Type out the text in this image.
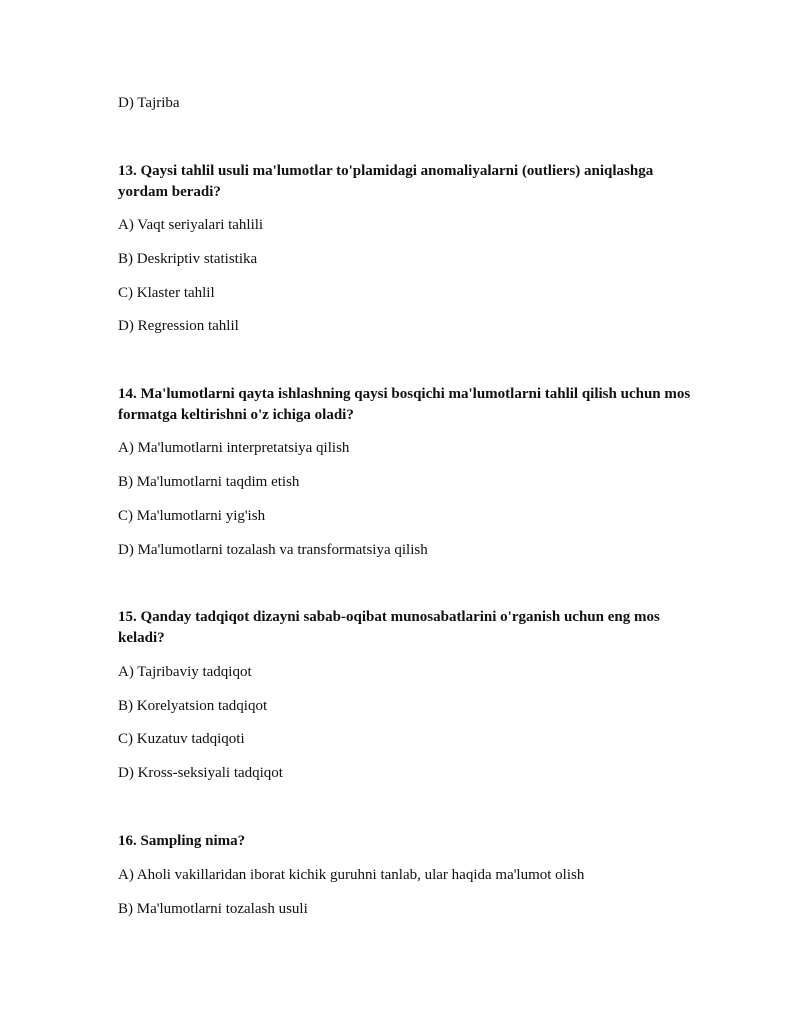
D) Tajriba
13. Qaysi tahlil usuli ma'lumotlar to'plamidagi anomaliyalarni (outliers) aniqlashga yordam beradi?
A) Vaqt seriyalari tahlili
B) Deskriptiv statistika
C) Klaster tahlil
D) Regression tahlil
14. Ma'lumotlarni qayta ishlashning qaysi bosqichi ma'lumotlarni tahlil qilish uchun mos formatga keltirishni o'z ichiga oladi?
A) Ma'lumotlarni interpretatsiya qilish
B) Ma'lumotlarni taqdim etish
C) Ma'lumotlarni yig'ish
D) Ma'lumotlarni tozalash va transformatsiya qilish
15. Qanday tadqiqot dizayni sabab-oqibat munosabatlarini o'rganish uchun eng mos keladi?
A) Tajribaviy tadqiqot
B) Korelyatsion tadqiqot
C) Kuzatuv tadqiqoti
D) Kross-seksiyali tadqiqot
16. Sampling nima?
A) Aholi vakillaridan iborat kichik guruhni tanlab, ular haqida ma'lumot olish
B) Ma'lumotlarni tozalash usuli
